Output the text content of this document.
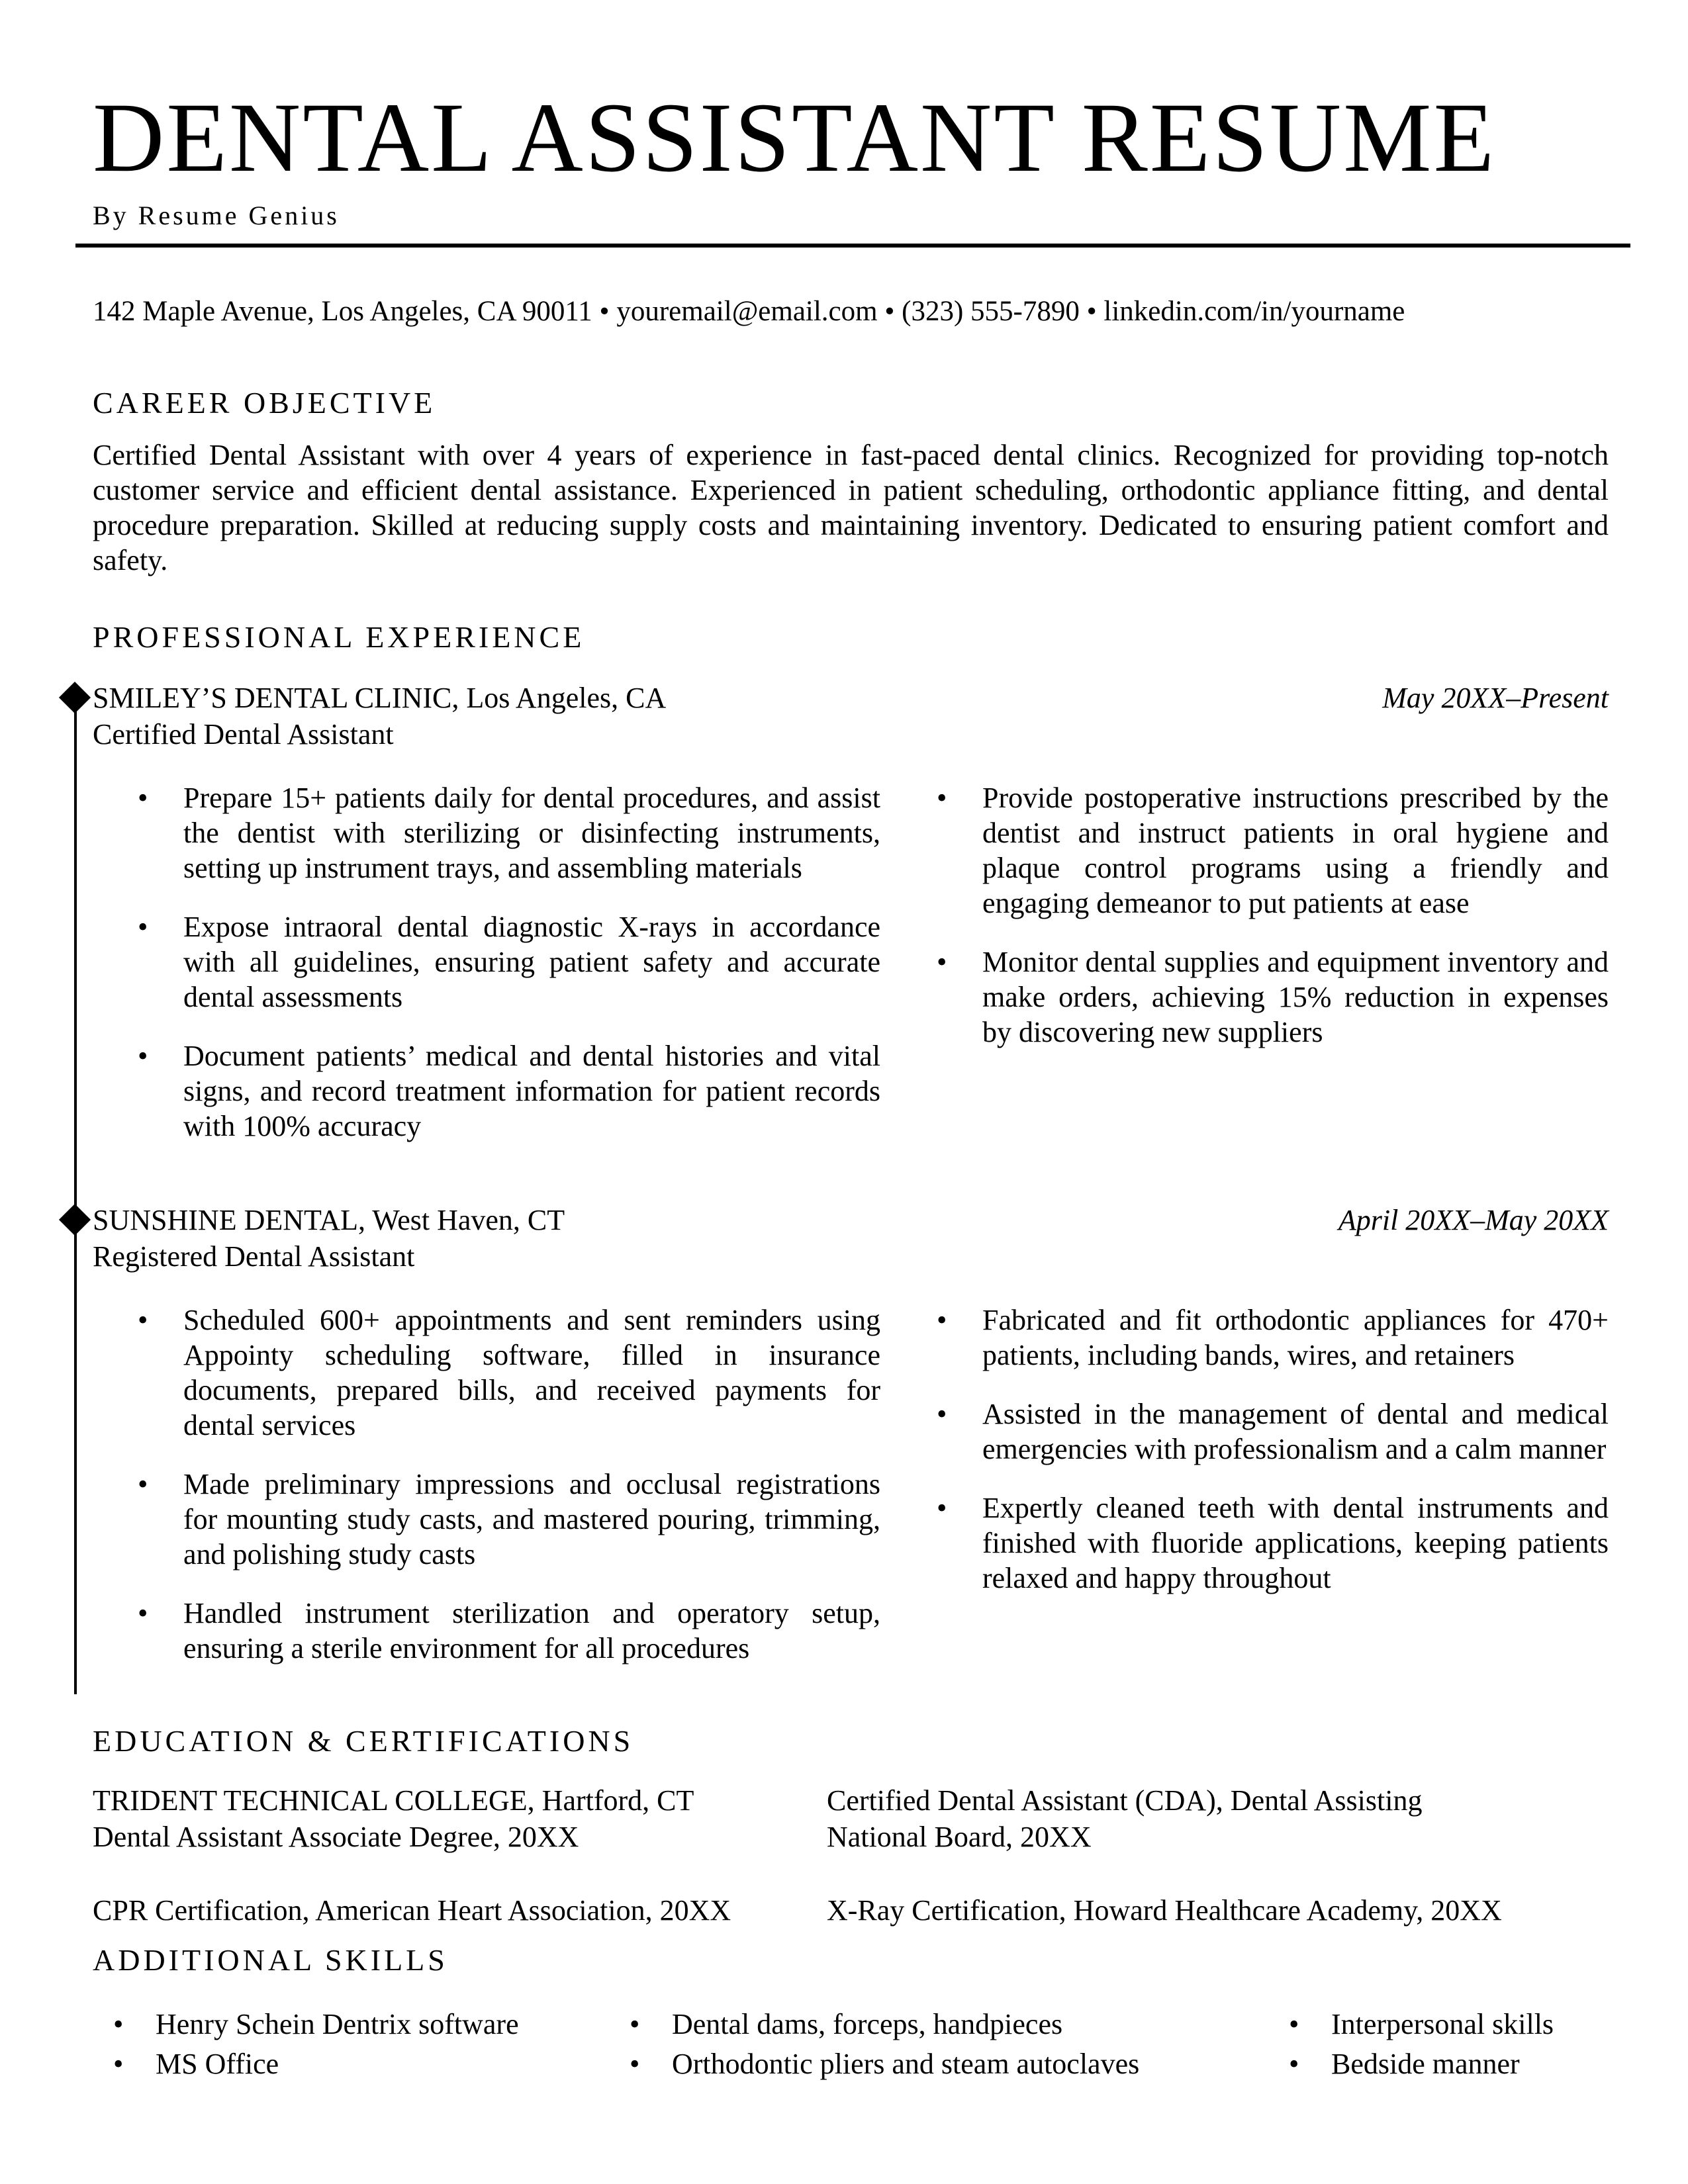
DENTAL ASSISTANT RESUME
By Resume Genius
142 Maple Avenue, Los Angeles, CA 90011 • youremail@email.com • (323) 555-7890 • linkedin.com/in/yourname
CAREER OBJECTIVE

Certified Dental Assistant with over 4 years of experience in fast-paced dental clinics. Recognized for providing top-notch customer service and efficient dental assistance. Experienced in patient scheduling, orthodontic appliance fitting, and dental procedure preparation. Skilled at reducing supply costs and maintaining inventory. Dedicated to ensuring patient comfort and safety.

PROFESSIONAL EXPERIENCE
SMILEY’S DENTAL CLINIC, Los Angeles, CA	May 20XX–Present
Certified Dental Assistant
•	Prepare 15+ patients daily for dental procedures, and assist the dentist with sterilizing or disinfecting instruments, setting up instrument trays, and assembling materials
•	Expose intraoral dental diagnostic X-rays in accordance with all guidelines, ensuring patient safety and accurate dental assessments
•	Document patients’ medical and dental histories and vital signs, and record treatment information for patient records with 100% accuracy
•	Provide postoperative instructions prescribed by the dentist and instruct patients in oral hygiene and plaque control programs using a friendly and engaging demeanor to put patients at ease
•	Monitor dental supplies and equipment inventory and make orders, achieving 15% reduction in expenses by discovering new suppliers
SUNSHINE DENTAL, West Haven, CT	April 20XX–May 20XX
Registered Dental Assistant
•	Scheduled 600+ appointments and sent reminders using Appointy scheduling software, filled in insurance documents, prepared bills, and received payments for dental services
•	Made preliminary impressions and occlusal registrations for mounting study casts, and mastered pouring, trimming, and polishing study casts
•	Handled instrument sterilization and operatory setup, ensuring a sterile environment for all procedures
•	Fabricated and fit orthodontic appliances for 470+ patients, including bands, wires, and retainers
•	Assisted in the management of dental and medical emergencies with professionalism and a calm manner
•	Expertly cleaned teeth with dental instruments and finished with fluoride applications, keeping patients relaxed and happy throughout
EDUCATION & CERTIFICATIONS
TRIDENT TECHNICAL COLLEGE, Hartford, CT
Dental Assistant Associate Degree, 20XX
Certified Dental Assistant (CDA), Dental Assisting
National Board, 20XX
CPR Certification, American Heart Association, 20XX	X-Ray Certification, Howard Healthcare Academy, 20XX
ADDITIONAL SKILLS
•	Henry Schein Dentrix software
•	MS Office
•	Dental dams, forceps, handpieces
•	Orthodontic pliers and steam autoclaves
•	Interpersonal skills
•	Bedside manner
